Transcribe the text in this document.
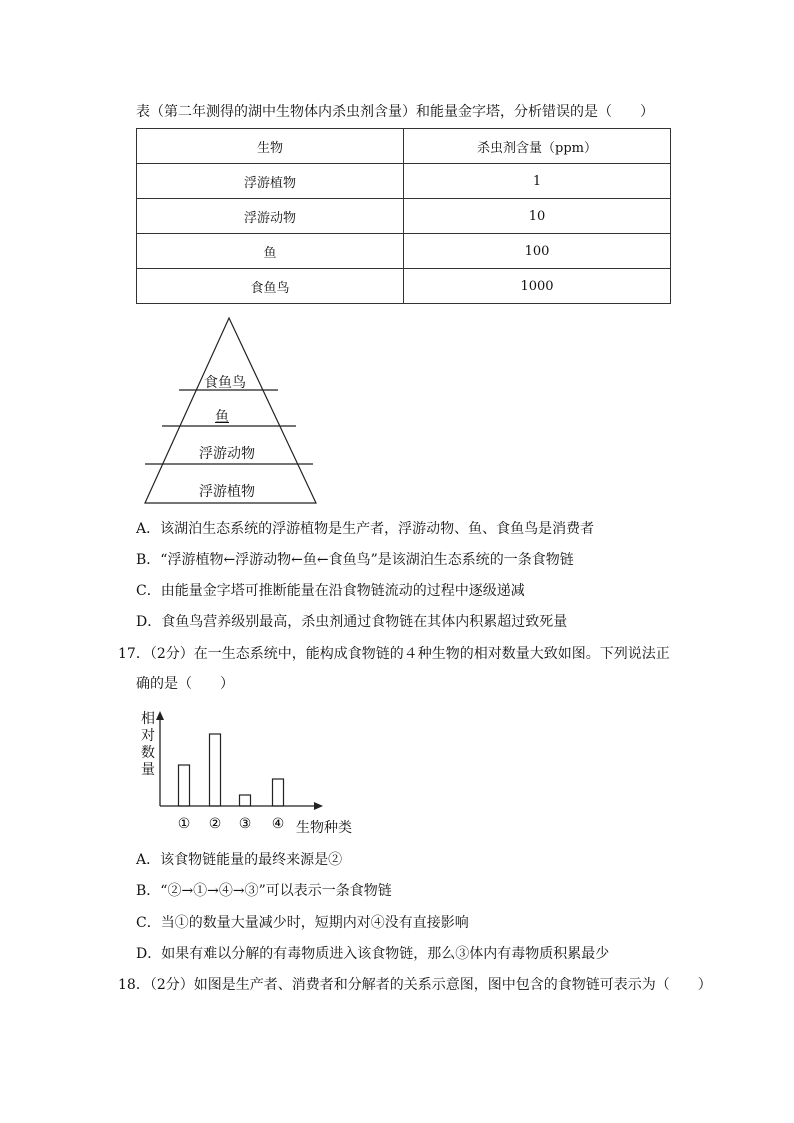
表（第二年测得的湖中生物体内杀虫剂含量）和能量金字塔，分析错误的是（　　）
生物	杀虫剂含量（ppm）
浮游植物	1
浮游动物	10
鱼	100
食鱼鸟	1000
食鱼鸟
鱼
浮游动物
浮游植物
A．该湖泊生态系统的浮游植物是生产者，浮游动物、鱼、食鱼鸟是消费者
B．“浮游植物←浮游动物←鱼←食鱼鸟”是该湖泊生态系统的一条食物链
C．由能量金字塔可推断能量在沿食物链流动的过程中逐级递减
D．食鱼鸟营养级别最高，杀虫剂通过食物链在其体内积累超过致死量
17．（2分）在一生态系统中，能构成食物链的４种生物的相对数量大致如图。下列说法正
确的是（　　）
① ② ③ ④
相对数量
生物种类
A．该食物链能量的最终来源是②
B．“②→①→④→③”可以表示一条食物链
C．当①的数量大量减少时，短期内对④没有直接影响
D．如果有难以分解的有毒物质进入该食物链，那么③体内有毒物质积累最少
18．（2分）如图是生产者、消费者和分解者的关系示意图，图中包含的食物链可表示为（　　）
